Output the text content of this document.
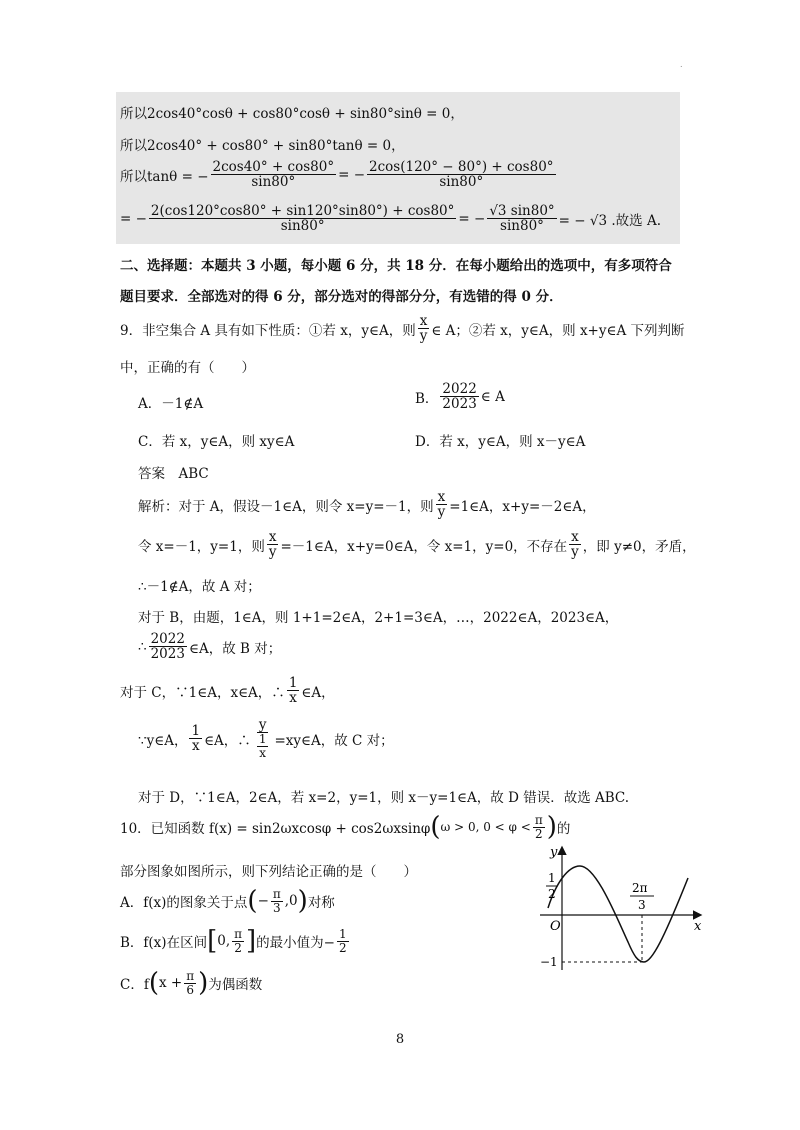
.
所以2cos40°cosθ + cos80°cosθ + sin80°sinθ = 0，
所以2cos40° + cos80° + sin80°tanθ = 0，
所以tanθ = − $\frac{2\cos 40^\circ + \cos 80^\circ}{\sin 80^\circ}$ = − $\frac{2\cos(120^\circ - 80^\circ) + \cos 80^\circ}{\sin 80^\circ}$
= − $\frac{2(\cos 120^\circ\cos 80^\circ + \sin 120^\circ\sin 80^\circ) + \cos 80^\circ}{\sin 80^\circ}$ = − $\frac{√3 \sin 80^\circ}{\sin 80^\circ}$ = − √3 .故选 A.
二、选择题：本题共 3 小题，每小题 6 分，共 18 分．在每小题给出的选项中，有多项符合
题目要求．全部选对的得 6 分，部分选对的得部分分，有选错的得 0 分．
9．非空集合 A 具有如下性质：①若 x，y∈A，则 $\frac{x}{y}$ ∈ A；②若 x，y∈A，则 x+y∈A 下列判断
中，正确的有（　　）
A．－1∉A	B． $\frac{2022}{2023}$ ∈ A
C．若 x，y∈A，则 xy∈A	D．若 x，y∈A，则 x－y∈A
答案　ABC
解析：对于 A，假设－1∈A，则令 x=y=－1，则 $\frac{x}{y}$ =1∈A，x+y=－2∈A，
令 x=－1，y=1，则 $\frac{x}{y}$ =－1∈A，x+y=0∈A，令 x=1，y=0，不存在 $\frac{x}{y}$ ，即 y≠0，矛盾，
∴－1∉A，故 A 对；
对于 B，由题，1∈A，则 1+1=2∈A，2+1=3∈A，…，2022∈A，2023∈A，
∴ $\frac{2022}{2023}$ ∈A，故 B 对；
对于 C，∵1∈A，x∈A，∴ $\frac{1}{x}$ ∈A，
∵y∈A， $\frac{1}{x}$ ∈A，∴ $\frac{y}{\frac{1}{x}}$ =xy∈A，故 C 对；
对于 D，∵1∈A，2∈A，若 x=2，y=1，则 x－y=1∈A，故 D 错误．故选 ABC.
10．已知函数 f(x) = sin2ωxcosφ + cos2ωxsinφ ( ω > 0, $0 < \varphi < \frac{\pi}{2}$ ) 的
部分图象如图所示，则下列结论正确的是（　　）
A．f(x)的图象关于点 ( − $\frac{\pi}{3} ,0$ ) 对称
B．f(x)在区间 [ 0, $\frac{\pi}{2}$ ] 的最小值为− $\frac{1}{2}$
C．f ( $x + \frac{\pi}{6}$ ) 为偶函数
y
x
O
1
2
−1
2π
3
8
